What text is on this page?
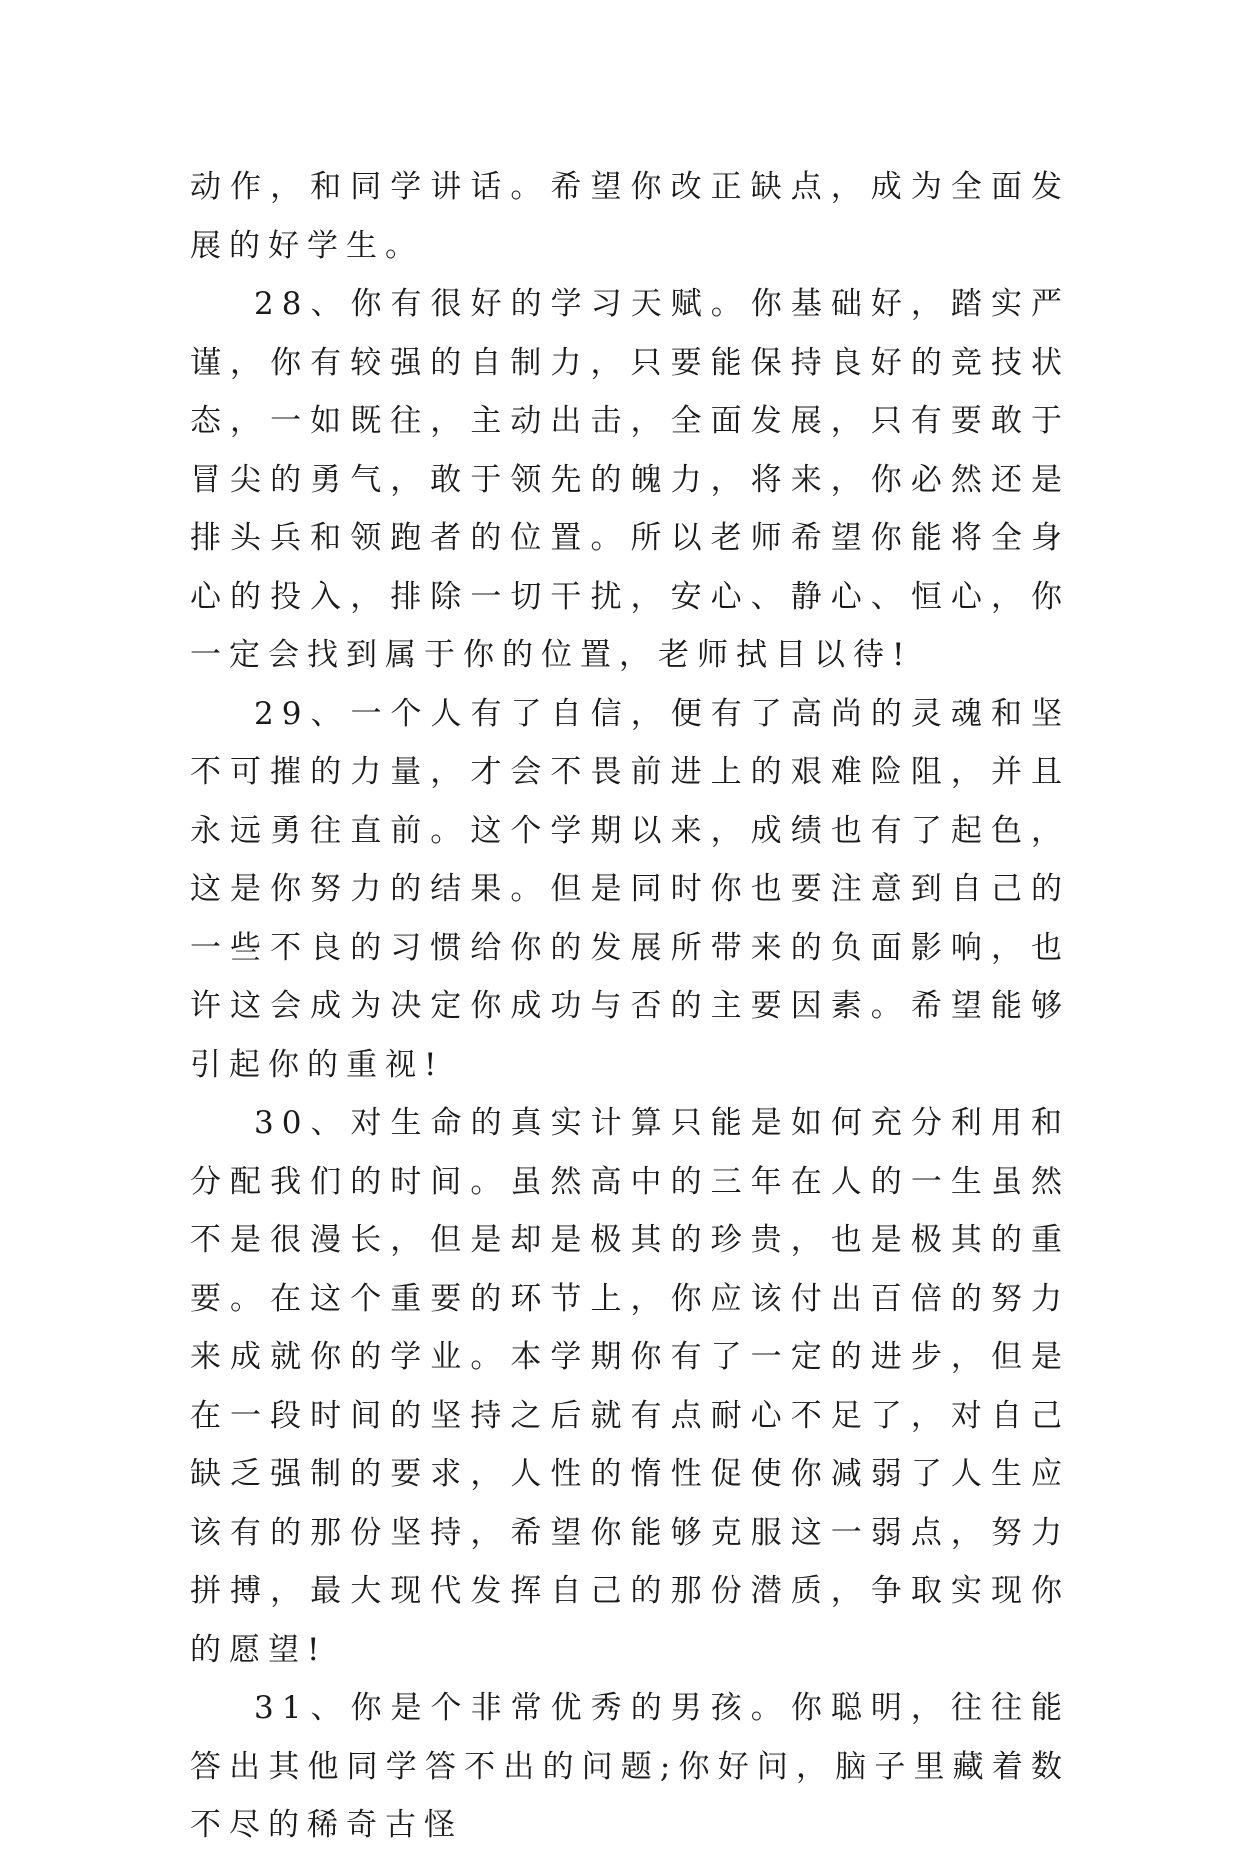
动作，和同学讲话。希望你改正缺点，成为全面发展的好学生。

28、你有很好的学习天赋。你基础好，踏实严谨，你有较强的自制力，只要能保持良好的竞技状态，一如既往，主动出击，全面发展，只有要敢于冒尖的勇气，敢于领先的魄力，将来，你必然还是排头兵和领跑者的位置。所以老师希望你能将全身心的投入，排除一切干扰，安心、静心、恒心，你一定会找到属于你的位置，老师拭目以待!

29、一个人有了自信，便有了高尚的灵魂和坚不可摧的力量，才会不畏前进上的艰难险阻，并且永远勇往直前。这个学期以来，成绩也有了起色，这是你努力的结果。但是同时你也要注意到自己的一些不良的习惯给你的发展所带来的负面影响，也许这会成为决定你成功与否的主要因素。希望能够引起你的重视!

30、对生命的真实计算只能是如何充分利用和分配我们的时间。虽然高中的三年在人的一生虽然不是很漫长，但是却是极其的珍贵，也是极其的重要。在这个重要的环节上，你应该付出百倍的努力来成就你的学业。本学期你有了一定的进步，但是在一段时间的坚持之后就有点耐心不足了，对自己缺乏强制的要求，人性的惰性促使你减弱了人生应该有的那份坚持，希望你能够克服这一弱点，努力拼搏，最大现代发挥自己的那份潜质，争取实现你的愿望!

31、你是个非常优秀的男孩。你聪明，往往能答出其他同学答不出的问题;你好问，脑子里藏着数不尽的稀奇古怪
